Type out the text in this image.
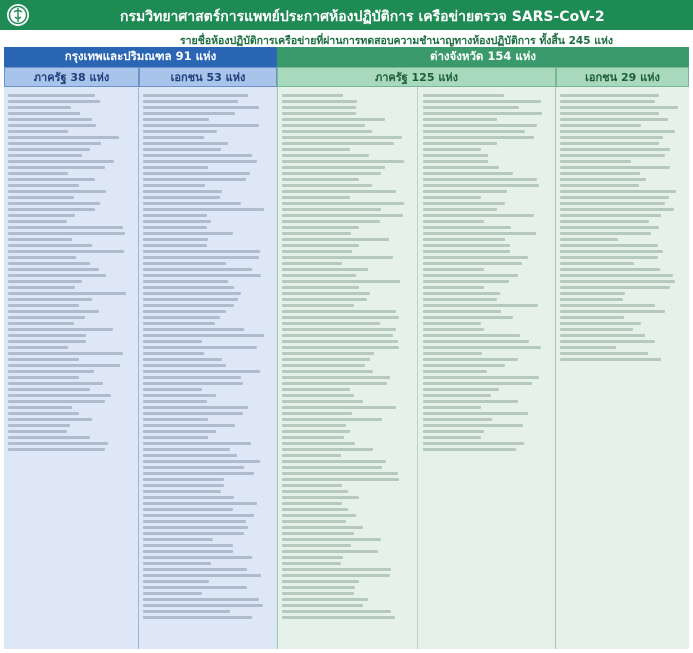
กรมวิทยาศาสตร์การแพทย์ประกาศห้องปฏิบัติการ เครือข่ายตรวจ SARS-CoV-2
รายชื่อห้องปฏิบัติการเครือข่ายที่ผ่านการทดสอบความชำนาญทางห้องปฏิบัติการ ทั้งสิ้น 245 แห่ง
กรุงเทพและปริมณฑล 91 แห่ง	ต่างจังหวัด 154 แห่ง
ภาครัฐ 38 แห่ง	เอกชน 53 แห่ง	ภาครัฐ 125 แห่ง	เอกชน 29 แห่ง
